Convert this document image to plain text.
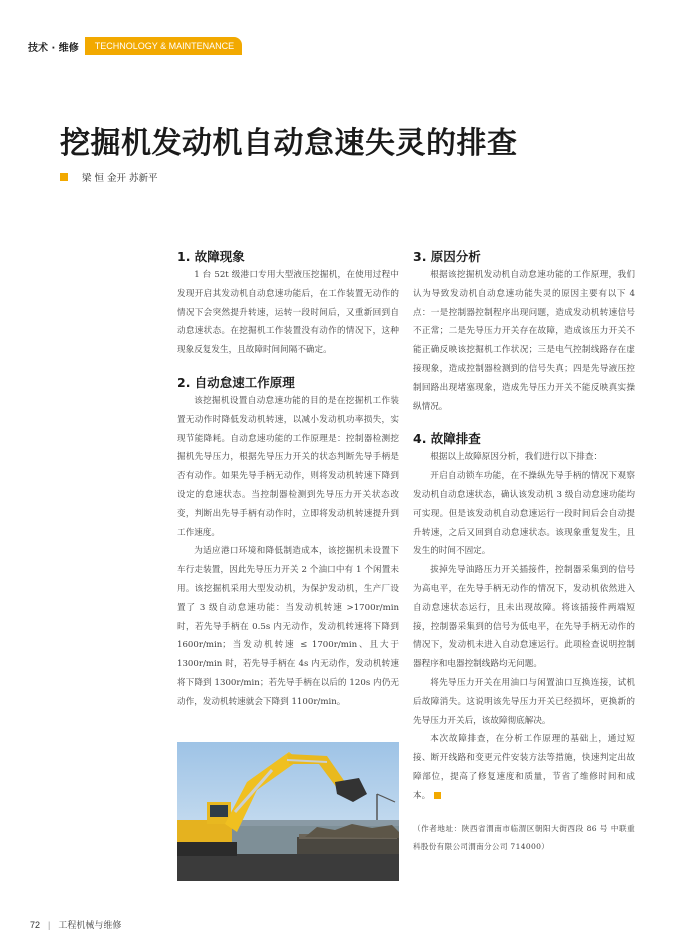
技术 · 维修	TECHNOLOGY & MAINTENANCE
挖掘机发动机自动怠速失灵的排查
梁 恒 金开 苏新平
1. 故障现象

1 台 52t 级港口专用大型液压挖掘机，在使用过程中发现开启其发动机自动怠速功能后，在工作装置无动作的情况下会突然提升转速，运转一段时间后，又重新回到自动怠速状态。在挖掘机工作装置没有动作的情况下，这种现象反复发生，且故障时间间隔不确定。

2. 自动怠速工作原理

该挖掘机设置自动怠速功能的目的是在挖掘机工作装置无动作时降低发动机转速，以减小发动机功率损失，实现节能降耗。自动怠速功能的工作原理是：控制器检测挖掘机先导压力，根据先导压力开关的状态判断先导手柄是否有动作。如果先导手柄无动作，则将发动机转速下降到设定的怠速状态。当控制器检测到先导压力开关状态改变，判断出先导手柄有动作时，立即将发动机转速提升到工作速度。

为适应港口环境和降低制造成本，该挖掘机未设置下车行走装置，因此先导压力开关 2 个油口中有 1 个闲置未用。该挖掘机采用大型发动机，为保护发动机，生产厂设置了 3 级自动怠速功能：当发动机转速 >1700r/min 时，若先导手柄在 0.5s 内无动作，发动机转速将下降到 1600r/min；当发动机转速 ≤ 1700r/min、且大于 1300r/min 时，若先导手柄在 4s 内无动作，发动机转速将下降到 1300r/min；若先导手柄在以后的 120s 内仍无动作，发动机转速就会下降到 1100r/min。

3. 原因分析

根据该挖掘机发动机自动怠速功能的工作原理，我们认为导致发动机自动怠速功能失灵的原因主要有以下 4 点：一是控制器控制程序出现问题，造成发动机转速信号不正常；二是先导压力开关存在故障，造成该压力开关不能正确反映该挖掘机工作状况；三是电气控制线路存在虚接现象，造成控制器检测到的信号失真；四是先导液压控制回路出现堵塞现象，造成先导压力开关不能反映真实操纵情况。

4. 故障排查

根据以上故障原因分析，我们进行以下排查：

开启自动锁车功能，在不操纵先导手柄的情况下观察发动机自动怠速状态，确认该发动机 3 级自动怠速功能均可实现。但是该发动机自动怠速运行一段时间后会自动提升转速，之后又回到自动怠速状态。该现象重复发生，且发生的时间不固定。

拔掉先导油路压力开关插接件，控制器采集到的信号为高电平，在先导手柄无动作的情况下，发动机依然进入自动怠速状态运行，且未出现故障。将该插接件两端短接，控制器采集到的信号为低电平，在先导手柄无动作的情况下，发动机未进入自动怠速运行。此项检查说明控制器程序和电器控制线路均无问题。

将先导压力开关在用油口与闲置油口互换连接，试机后故障消失。这说明该先导压力开关已经损坏，更换新的先导压力开关后，该故障彻底解决。

本次故障排查，在分析工作原理的基础上，通过短接、断开线路和变更元件安装方法等措施，快速判定出故障部位，提高了修复速度和质量，节省了维修时间和成本。

（作者地址：陕西省渭南市临渭区朝阳大街西段 86 号 中联重科股份有限公司渭南分公司 714000）

72 | 工程机械与维修
